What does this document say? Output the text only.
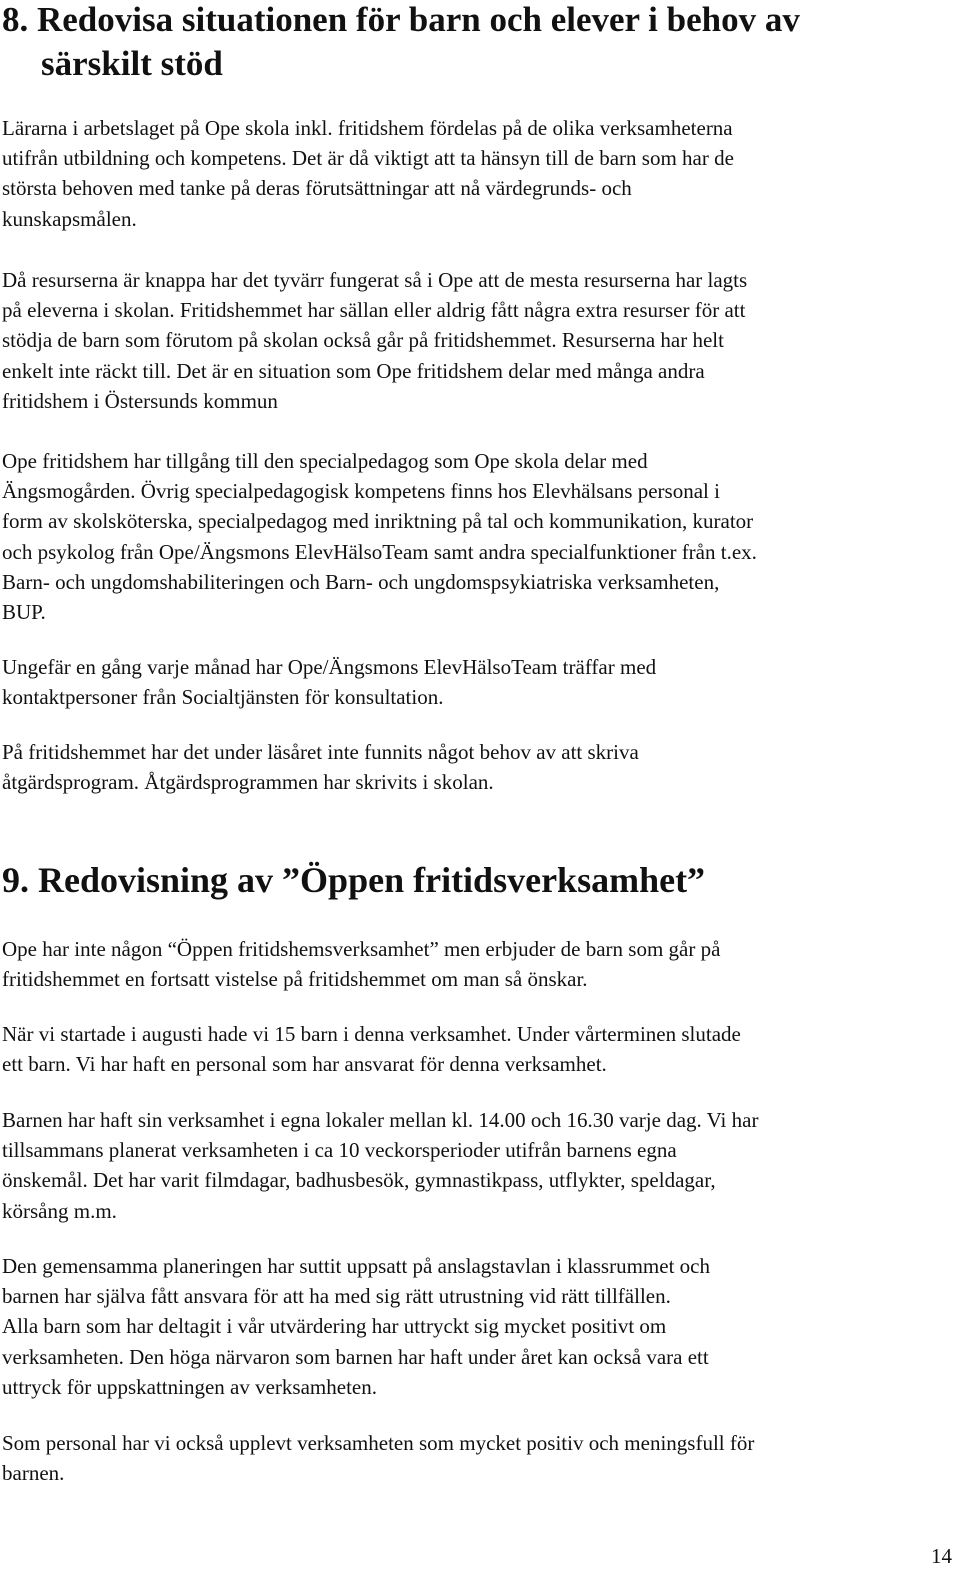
8. Redovisa situationen för barn och elever i behov av
särskilt stöd

Lärarna i arbetslaget på Ope skola inkl. fritidshem fördelas på de olika verksamheterna
utifrån utbildning och kompetens. Det är då viktigt att ta hänsyn till de barn som har de
största behoven med tanke på deras förutsättningar att nå värdegrunds- och
kunskapsmålen.

Då resurserna är knappa har det tyvärr fungerat så i Ope att de mesta resurserna har lagts
på eleverna i skolan. Fritidshemmet har sällan eller aldrig fått några extra resurser för att
stödja de barn som förutom på skolan också går på fritidshemmet. Resurserna har helt
enkelt inte räckt till. Det är en situation som Ope fritidshem delar med många andra
fritidshem i Östersunds kommun

Ope fritidshem har tillgång till den specialpedagog som Ope skola delar med
Ängsmogården. Övrig specialpedagogisk kompetens finns hos Elevhälsans personal i
form av skolsköterska, specialpedagog med inriktning på tal och kommunikation, kurator
och psykolog från Ope/Ängsmons ElevHälsoTeam samt andra specialfunktioner från t.ex.
Barn- och ungdomshabiliteringen och Barn- och ungdomspsykiatriska verksamheten,
BUP.

Ungefär en gång varje månad har Ope/Ängsmons ElevHälsoTeam träffar med
kontaktpersoner från Socialtjänsten för konsultation.

På fritidshemmet har det under läsåret inte funnits något behov av att skriva
åtgärdsprogram. Åtgärdsprogrammen har skrivits i skolan.

9. Redovisning av ”Öppen fritidsverksamhet”

Ope har inte någon “Öppen fritidshemsverksamhet” men erbjuder de barn som går på
fritidshemmet en fortsatt vistelse på fritidshemmet om man så önskar.

När vi startade i augusti hade vi 15 barn i denna verksamhet. Under vårterminen slutade
ett barn. Vi har haft en personal som har ansvarat för denna verksamhet.

Barnen har haft sin verksamhet i egna lokaler mellan kl. 14.00 och 16.30 varje dag. Vi har
tillsammans planerat verksamheten i ca 10 veckorsperioder utifrån barnens egna
önskemål. Det har varit filmdagar, badhusbesök, gymnastikpass, utflykter, speldagar,
körsång m.m.

Den gemensamma planeringen har suttit uppsatt på anslagstavlan i klassrummet och
barnen har själva fått ansvara för att ha med sig rätt utrustning vid rätt tillfällen.
Alla barn som har deltagit i vår utvärdering har uttryckt sig mycket positivt om
verksamheten. Den höga närvaron som barnen har haft under året kan också vara ett
uttryck för uppskattningen av verksamheten.

Som personal har vi också upplevt verksamheten som mycket positiv och meningsfull för
barnen.

14
